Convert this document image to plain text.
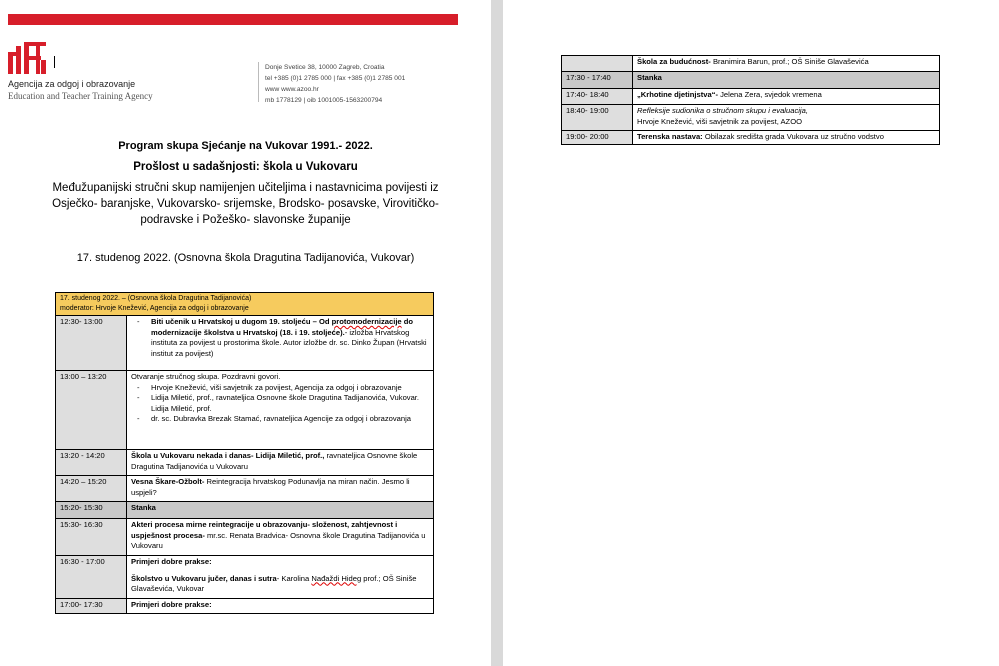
Agencija za odgoj i obrazovanje
Education and Teacher Training Agency
Donje Svetice 38, 10000 Zagreb, Croatia
tel +385 (0)1 2785 000 | fax +385 (0)1 2785 001
www www.azoo.hr
mb 1778129 | oib 1001005-1563200794
Program skupa Sjećanje na Vukovar 1991.- 2022.
Prošlost u sadašnjosti: škola u Vukovaru
Međužupanijski stručni skup namijenjen učiteljima i nastavnicima povijesti iz
Osječko- baranjske, Vukovarsko- srijemske, Brodsko- posavske, Virovitičko-
podravske i Požeško- slavonske županije
17. studenog 2022. (Osnovna škola Dragutina Tadijanovića, Vukovar)
17. studenog 2022. – (Osnovna škola Dragutina Tadijanovića)
moderator: Hrvoje Knežević, Agencija za odgoj i obrazovanje	

12:30- 13:00	- Biti učenik u Hrvatskoj u dugom 19. stoljeću – Od protomodernizacije do modernizacije školstva u Hrvatskoj (18. i 19. stoljeće).- izložba Hrvatskog instituta za povijest u prostorima škole. Autor izložbe dr. sc. Dinko Župan (Hrvatski institut za povijest)

13:00 – 13:20	Otvaranje stručnog skupa. Pozdravni govori.
- Hrvoje Knežević, viši savjetnik za povijest, Agencija za odgoj i obrazovanje
- Lidija Miletić, prof., ravnateljica Osnovne škole Dragutina Tadijanovića, Vukovar. Lidija Miletić, prof.
- dr. sc. Dubravka Brezak Stamać, ravnateljica Agencije za odgoj i obrazovanja

13:20 - 14:20	Škola u Vukovaru nekada i danas- Lidija Miletić, prof., ravnateljica Osnovne škole Dragutina Tadijanovića u Vukovaru
14:20 – 15:20	Vesna Škare-Ožbolt- Reintegracija hrvatskog Podunavlja na miran način. Jesmo li uspjeli?
15:20- 15:30	Stanka
15:30- 16:30	Akteri procesa mirne reintegracije u obrazovanju- složenost, zahtjevnost i uspješnost procesa- mr.sc. Renata Bradvica- Osnovna škole Dragutina Tadijanovića u Vukovaru
16:30 - 17:00	Primjeri dobre prakse:
Školstvo u Vukovaru jučer, danas i sutra- Karolina Nađaždi Hideg prof.; OŠ Siniše Glavaševića, Vukovar

17:00- 17:30	Primjeri dobre prakse:
	Škola za budućnost- Branimira Barun, prof.; OŠ Siniše Glavaševića
17:30 - 17:40	Stanka
17:40- 18:40	„Krhotine djetinjstva“- Jelena Zera, svjedok vremena
18:40- 19:00	Refleksije sudionika o stručnom skupu i evaluacija,
Hrvoje Knežević, viši savjetnik za povijest, AZOO

19:00- 20:00	Terenska nastava: Obilazak središta grada Vukovara uz stručno vodstvo
